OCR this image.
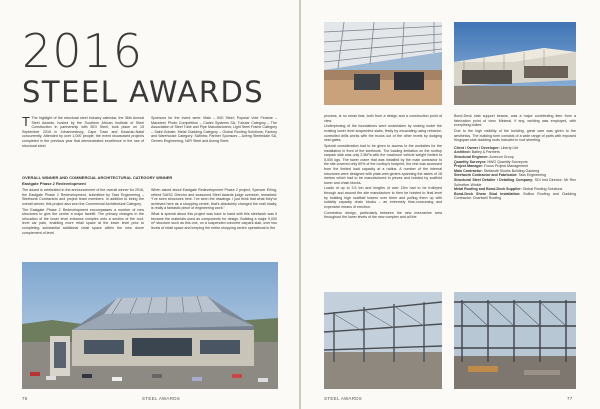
2016
STEEL AWARDS

T The highlight of the structural steel industry calendar, the 36th Annual Steel Awards, hosted by the Southern African Institute of Steel Construction in partnership with BGI Steel, took place on 15 September 2016 in Johannesburg, Cape Town and Kwazulu-Natal concurrently. Attended by over 1,000 people, the event showcased projects completed in the previous year that demonstrated excellence in the use of structural steel.

Sponsors for the event were: Main – BGI Steel; Popular Vote Feature – Macsteel; Photo Competition – Cadex Systems SA; Tubular Category – The Association of Steel Tube and Pipe Manufacturers; Light Steel Frame Category – Saint-Gobain; Metal Cladding Category – Global Roofing Solutions; Factory and Warehouse Category: Safintra; Partner Sponsors – Aveng Steeledale SA, Genrec Engineering, NJR Steel and Aveng Steel.

OVERALL WINNER AND COMMERCIAL ARCHITECTURAL CATEGORY WINNER
Eastgate Phase 2 Redevelopment

The award is celebrated in the announcement of the overall winner for 2016, the Eastgate Phase 2 Redevelopment, submitted by Tass Engineering – Steelwork Contractors and project team members. In addition to being the overall winner, this project also won the Commercial Architectural Category.

The Eastgate Phase 2 Redevelopment encompasses a number of new structures to give the centre a major facelift. The primary changes in the relocation of the lower level entrance complex onto a section of the roof-level car park, enabling more retail space at the lower level prior to completing substantial additional retail space within the new dome complement of level.

When asked about Eastgate Redevelopment Phase 2 project, Spencer Erling, retired SAISC Director and seasoned Steel Awards judge overseer, remarked: “I’ve seen structures here. I’ve seen the drawings. I just think that what they’ve achieved here as a shopping centre, that’s absolutely changed the mall totally, is really a fantastic piece of engineering work.”

What is special about this project was hard to hand with this steelwork was it became the materials used as components for design. Building a major 9,000 m² structure such as this one, on a suspended concrete carpark slab, over two levels of retail space and keeping the entire shopping centre operational in the

76	STEEL AWARDS

process, is no mean feat, both from a design and a construction point of view.

Underpinning of the foundations were undertaken by sinking under the existing lower level suspended slabs, firstly by excavating using retractor-controlled drills works with the trucks out of the other levels by dodging vest gates.

Special consideration had to be given to access to the worksites for the installation in front of the steelwork. The loading limitation on the rooftop carpark slab was only 2.5kPa with the maximum vehicle weight limited to 5,000 kgs. The tower crane that was installed by the main contractor to the site covered only 60% of the rooftop’s footprint, the rest was accessed from the limited load capacity at a radius. A number of the internal structures were designed with plate-web girders spanning the aisles of 18 metres which had to be manufactured in pieces and hoisted by scaffold tower and chain blocks.

Loads of up to 3.5 ton and lengths of over 15m had to be trolleyed through and around the site manufacture to then be hoisted to final level by building high scaffold towers over them and pulling them up with suitably capacity chain blocks – an extremely time-consuming and expensive means of erection.

Connection design, particularly between the new mezzanine area throughout the lower levels of the new complex and all the

Bond-Deck slab support beams, was a major contributing item from a fabrication point of view. Minimal, if any, welding was employed, with everything bolted.

Due to the high visibility of the building, great care was given to the aesthetics. The building form consists of a wide range of parts with exposed Kingspan side cladding roofs included in roof sheeting.

Client / Owner / Developer: Liberty Life
Architect: Batley & Partners
Structural Engineer: Aurecon Group
Quantity Surveyor: NWG Quantity Surveyors
Project Manager: Focus Project Management
Main Contractor: Stefanutti Stocks Building Gauteng
Steelwork Contractor and Fabricator: Tass Engineering
Structural Steel Detailer / Detailing Company: SDI Inst Director: Mr Rex Schreiber-Winkle
Metal Roofing and Bond-Deck Supplier: Global Roofing Solutions
Bond-Deck Shear Stud Installation: Bullion Roofing and Cladding Contractor: Chartwell Roofing
STEEL AWARDS	77
